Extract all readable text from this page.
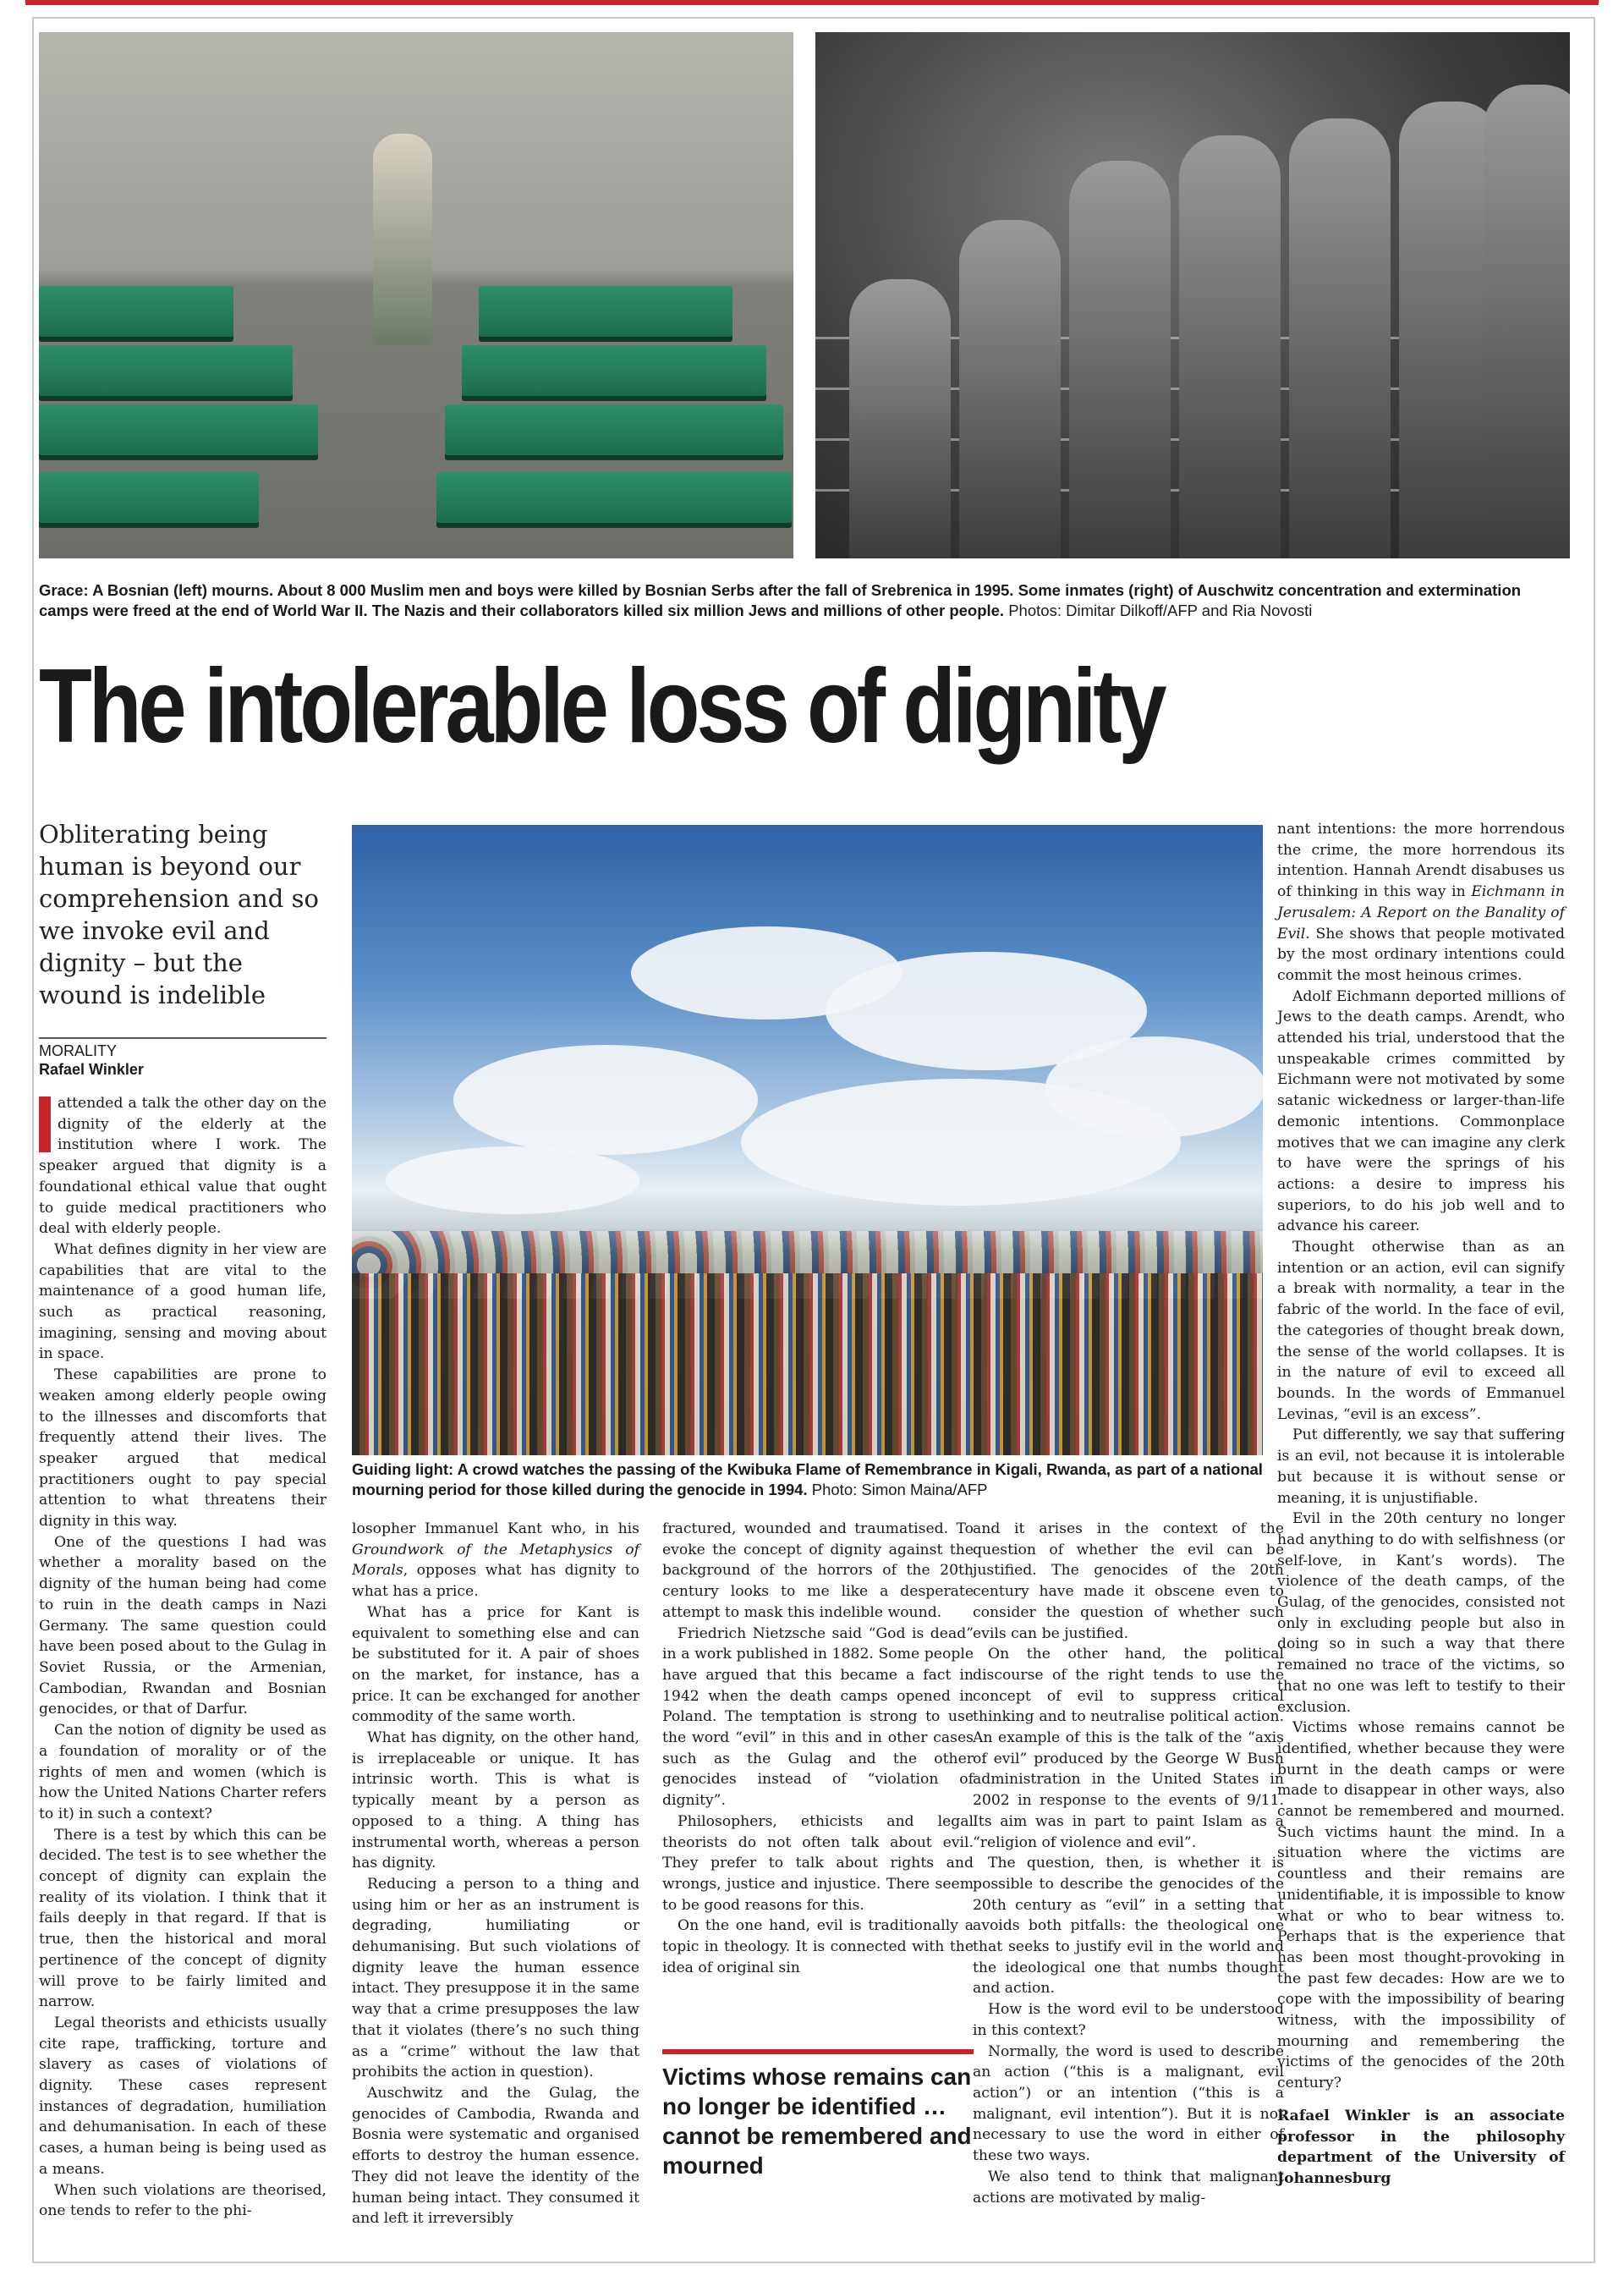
Grace: A Bosnian (left) mourns. About 8 000 Muslim men and boys were killed by Bosnian Serbs after the fall of Srebrenica in 1995. Some inmates (right) of Auschwitz concentration and extermination camps were freed at the end of World War II. The Nazis and their collaborators killed six million Jews and millions of other people. Photos: Dimitar Dilkoff/AFP and Ria Novosti
The intolerable loss of dignity
Obliterating being human is beyond our comprehension and so we invoke evil and dignity – but the wound is indelible
MORALITY
Rafael Winkler
Guiding light: A crowd watches the passing of the Kwibuka Flame of Remembrance in Kigali, Rwanda, as part of a national mourning period for those killed during the genocide in 1994. Photo: Simon Maina/AFP

attended a talk the other day on the dignity of the elderly at the institution where I work. The speaker argued that dignity is a foundational ethical value that ought to guide medical practitioners who deal with elderly people.

What defines dignity in her view are capabilities that are vital to the maintenance of a good human life, such as practical reasoning, imagining, sensing and moving about in space.

These capabilities are prone to weaken among elderly people owing to the illnesses and discomforts that frequently attend their lives. The speaker argued that medical practitioners ought to pay special attention to what threatens their dignity in this way.

One of the questions I had was whether a morality based on the dignity of the human being had come to ruin in the death camps in Nazi Germany. The same question could have been posed about to the Gulag in Soviet Russia, or the Armenian, Cambodian, Rwandan and Bosnian genocides, or that of Darfur.

Can the notion of dignity be used as a foundation of morality or of the rights of men and women (which is how the United Nations Charter refers to it) in such a context?

There is a test by which this can be decided. The test is to see whether the concept of dignity can explain the reality of its violation. I think that it fails deeply in that regard. If that is true, then the historical and moral pertinence of the concept of dignity will prove to be fairly limited and narrow.

Legal theorists and ethicists usually cite rape, trafficking, torture and slavery as cases of violations of dignity. These cases represent instances of degradation, humiliation and dehumanisation. In each of these cases, a human being is being used as a means.

When such violations are theorised, one tends to refer to the phi-

losopher Immanuel Kant who, in his Groundwork of the Metaphysics of Morals, opposes what has dignity to what has a price.

What has a price for Kant is equivalent to something else and can be substituted for it. A pair of shoes on the market, for instance, has a price. It can be exchanged for another commodity of the same worth.

What has dignity, on the other hand, is irreplaceable or unique. It has intrinsic worth. This is what is typically meant by a person as opposed to a thing. A thing has instrumental worth, whereas a person has dignity.

Reducing a person to a thing and using him or her as an instrument is degrading, humiliating or dehumanising. But such violations of dignity leave the human essence intact. They presuppose it in the same way that a crime presupposes the law that it violates (there’s no such thing as a “crime” without the law that prohibits the action in question).

Auschwitz and the Gulag, the genocides of Cambodia, Rwanda and Bosnia were systematic and organised efforts to destroy the human essence. They did not leave the identity of the human being intact. They consumed it and left it irreversibly

fractured, wounded and traumatised. To evoke the concept of dignity against the background of the horrors of the 20th century looks to me like a desperate attempt to mask this indelible wound.

Friedrich Nietzsche said “God is dead” in a work published in 1882. Some people have argued that this became a fact in 1942 when the death camps opened in Poland. The temptation is strong to use the word “evil” in this and in other cases such as the Gulag and the other genocides instead of “violation of dignity”.

Philosophers, ethicists and legal theorists do not often talk about evil. They prefer to talk about rights and wrongs, justice and injustice. There seem to be good reasons for this.

On the one hand, evil is traditionally a topic in theology. It is connected with the idea of original sin

Victims whose remains can no longer be identified … cannot be remembered and mourned

and it arises in the context of the question of whether the evil can be justified. The genocides of the 20th century have made it obscene even to consider the question of whether such evils can be justified.

On the other hand, the political discourse of the right tends to use the concept of evil to suppress critical thinking and to neutralise political action. An example of this is the talk of the “axis of evil” produced by the George W Bush administration in the United States in 2002 in response to the events of 9/11. Its aim was in part to paint Islam as a “religion of violence and evil”.

The question, then, is whether it is possible to describe the genocides of the 20th century as “evil” in a setting that avoids both pitfalls: the theological one that seeks to justify evil in the world and the ideological one that numbs thought and action.

How is the word evil to be understood in this context?

Normally, the word is used to describe an action (“this is a malignant, evil action”) or an intention (“this is a malignant, evil intention”). But it is not necessary to use the word in either of these two ways.

We also tend to think that malignant actions are motivated by malig-

nant intentions: the more horrendous the crime, the more horrendous its intention. Hannah Arendt disabuses us of thinking in this way in Eichmann in Jerusalem: A Report on the Banality of Evil. She shows that people motivated by the most ordinary intentions could commit the most heinous crimes.

Adolf Eichmann deported millions of Jews to the death camps. Arendt, who attended his trial, understood that the unspeakable crimes committed by Eichmann were not motivated by some satanic wickedness or larger-than-life demonic intentions. Commonplace motives that we can imagine any clerk to have were the springs of his actions: a desire to impress his superiors, to do his job well and to advance his career.

Thought otherwise than as an intention or an action, evil can signify a break with normality, a tear in the fabric of the world. In the face of evil, the categories of thought break down, the sense of the world collapses. It is in the nature of evil to exceed all bounds. In the words of Emmanuel Levinas, “evil is an excess”.

Put differently, we say that suffering is an evil, not because it is intolerable but because it is without sense or meaning, it is unjustifiable.

Evil in the 20th century no longer had anything to do with selfishness (or self-love, in Kant’s words). The violence of the death camps, of the Gulag, of the genocides, consisted not only in excluding people but also in doing so in such a way that there remained no trace of the victims, so that no one was left to testify to their exclusion.

Victims whose remains cannot be identified, whether because they were burnt in the death camps or were made to disappear in other ways, also cannot be remembered and mourned. Such victims haunt the mind. In a situation where the victims are countless and their remains are unidentifiable, it is impossible to know what or who to bear witness to. Perhaps that is the experience that has been most thought-provoking in the past few decades: How are we to cope with the impossibility of bearing witness, with the impossibility of mourning and remembering the victims of the genocides of the 20th century?

Rafael Winkler is an associate professor in the philosophy department of the University of Johannesburg
